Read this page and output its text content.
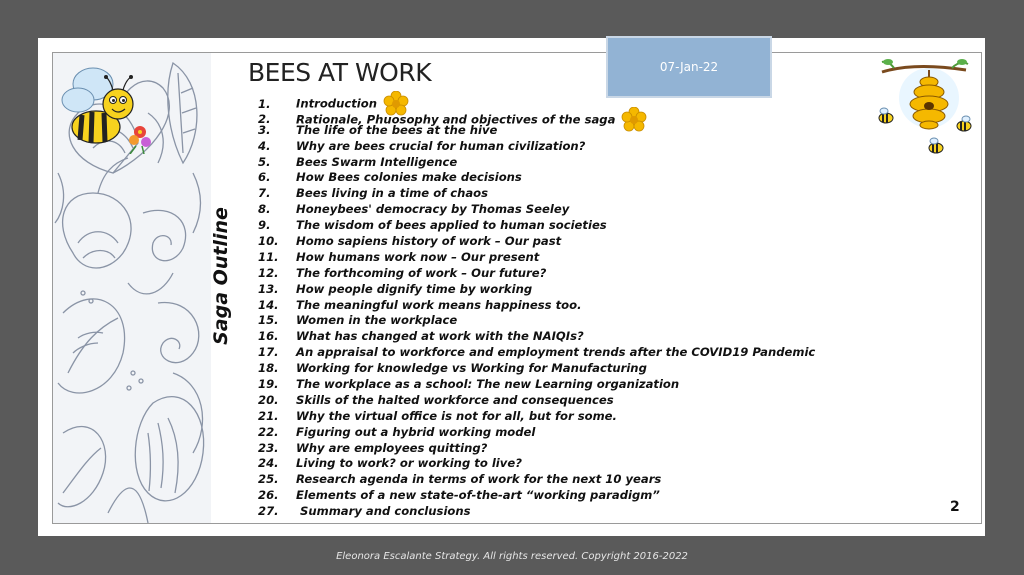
Saga Outline
BEES AT WORK	07-Jan-22
1. Introduction
2. Rationale, Phuosophy and objectives of the saga
3. The life of the bees at the hive
4. Why are bees crucial for human civilization?
5. Bees Swarm Intelligence
6. How Bees colonies make decisions
7. Bees living in a time of chaos
8. Honeybees' democracy by Thomas Seeley
9. The wisdom of bees applied to human societies
10. Homo sapiens history of work – Our past
11. How humans work now – Our present
12. The forthcoming of work – Our future?
13. How people dignify time by working
14. The meaningful work means happiness too.
15. Women in the workplace
16. What has changed at work with the NAIQIs?
17. An appraisal to workforce and employment trends after the COVID19 Pandemic
18. Working for knowledge vs Working for Manufacturing
19. The workplace as a school: The new Learning organization
20. Skills of the halted workforce and consequences
21. Why the virtual office is not for all, but for some.
22. Figuring out a hybrid working model
23. Why are employees quitting?
24. Living to work? or working to live?
25. Research agenda in terms of work for the next 10 years
26. Elements of a new state-of-the-art “working paradigm”
27. Summary and conclusions	2
Eleonora Escalante Strategy. All rights reserved. Copyright 2016-2022
